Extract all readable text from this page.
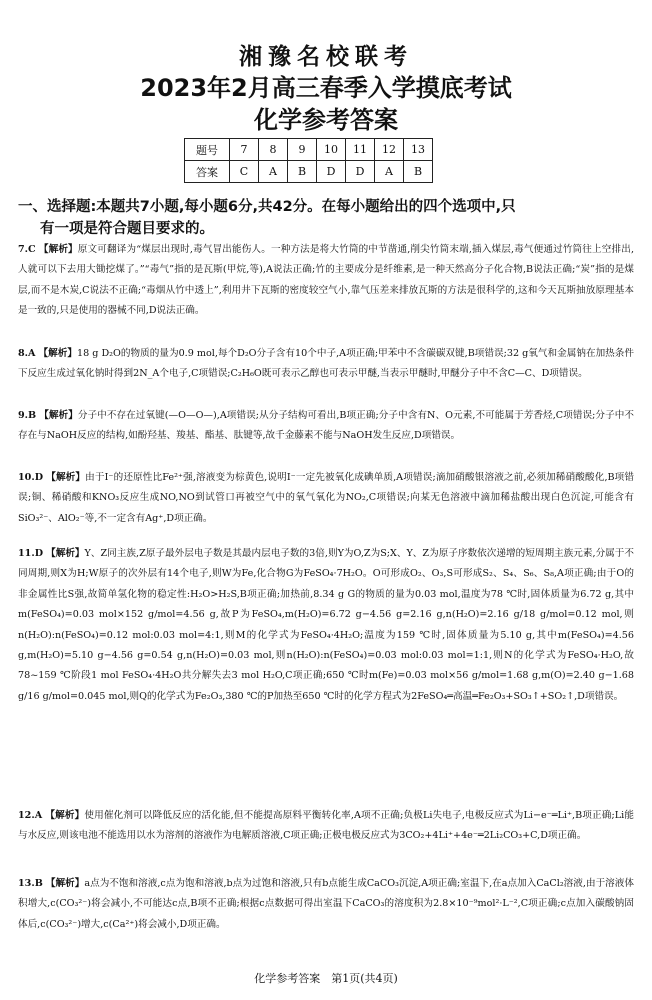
湘豫名校联考
2023年2月高三春季入学摸底考试
化学参考答案
题号	7	8	9	10	11	12	13
答案	C	A	B	D	D	A	B
一、选择题:本题共7小题,每小题6分,共42分。在每小题给出的四个选项中,只
有一项是符合题目要求的。
7.C 【解析】原文可翻译为“煤层出现时,毒气冒出能伤人。一种方法是将大竹筒的中节凿通,削尖竹筒末端,插入煤层,毒气便通过竹筒往上空排出,人就可以下去用大锄挖煤了。”“毒气”指的是瓦斯(甲烷,等),A说法正确;竹的主要成分是纤维素,是一种天然高分子化合物,B说法正确;“炭”指的是煤层,而不是木炭,C说法不正确;“毒烟从竹中透上”,利用井下瓦斯的密度较空气小,靠气压差来排放瓦斯的方法是很科学的,这和今天瓦斯抽放原理基本是一致的,只是使用的器械不同,D说法正确。
8.A 【解析】18 g D₂O的物质的量为0.9 mol,每个D₂O分子含有10个中子,A项正确;甲苯中不含碳碳双键,B项错误;32 g氧气和金属钠在加热条件下反应生成过氧化钠时得到2N_A个电子,C项错误;C₂H₆O既可表示乙醇也可表示甲醚,当表示甲醚时,甲醚分子中不含C—C、D项错误。
9.B 【解析】分子中不存在过氧键(—O—O—),A项错误;从分子结构可看出,B项正确;分子中含有N、O元素,不可能属于芳香烃,C项错误;分子中不存在与NaOH反应的结构,如酚羟基、羧基、酯基、肽键等,故千金藤素不能与NaOH发生反应,D项错误。
10.D 【解析】由于I⁻的还原性比Fe²⁺强,溶液变为棕黄色,说明I⁻一定先被氧化成碘单质,A项错误;滴加硝酸银溶液之前,必须加稀硝酸酸化,B项错误;铜、稀硝酸和KNO₃反应生成NO,NO到试管口再被空气中的氧气氧化为NO₂,C项错误;向某无色溶液中滴加稀盐酸出现白色沉淀,可能含有SiO₃²⁻、AlO₂⁻等,不一定含有Ag⁺,D项正确。
11.D 【解析】Y、Z同主族,Z原子最外层电子数是其最内层电子数的3倍,则Y为O,Z为S;X、Y、Z为原子序数依次递增的短周期主族元素,分属于不同周期,则X为H;W原子的次外层有14个电子,则W为Fe,化合物G为FeSO₄·7H₂O。O可形成O₂、O₃,S可形成S₂、S₄、S₆、S₈,A项正确;由于O的非金属性比S强,故简单氢化物的稳定性:H₂O>H₂S,B项正确;加热前,8.34 g G的物质的量为0.03 mol,温度为78 ℃时,固体质量为6.72 g,其中m(FeSO₄)=0.03 mol×152 g/mol=4.56 g,故P为FeSO₄,m(H₂O)=6.72 g−4.56 g=2.16 g,n(H₂O)=2.16 g/18 g/mol=0.12 mol,则n(H₂O):n(FeSO₄)=0.12 mol:0.03 mol=4:1,则M的化学式为FeSO₄·4H₂O;温度为159 ℃时,固体质量为5.10 g,其中m(FeSO₄)=4.56 g,m(H₂O)=5.10 g−4.56 g=0.54 g,n(H₂O)=0.03 mol,则n(H₂O):n(FeSO₄)=0.03 mol:0.03 mol=1:1,则N的化学式为FeSO₄·H₂O,故78~159 ℃阶段1 mol FeSO₄·4H₂O共分解失去3 mol H₂O,C项正确;650 ℃时m(Fe)=0.03 mol×56 g/mol=1.68 g,m(O)=2.40 g−1.68 g/16 g/mol=0.045 mol,则Q的化学式为Fe₂O₃,380 ℃的P加热至650 ℃时的化学方程式为2FeSO₄═高温═Fe₂O₃+SO₃↑+SO₂↑,D项错误。
12.A 【解析】使用催化剂可以降低反应的活化能,但不能提高原料平衡转化率,A项不正确;负极Li失电子,电极反应式为Li−e⁻═Li⁺,B项正确;Li能与水反应,则该电池不能选用以水为溶剂的溶液作为电解质溶液,C项正确;正极电极反应式为3CO₂+4Li⁺+4e⁻═2Li₂CO₃+C,D项正确。
13.B 【解析】a点为不饱和溶液,c点为饱和溶液,b点为过饱和溶液,只有b点能生成CaCO₃沉淀,A项正确;室温下,在a点加入CaCl₂溶液,由于溶液体积增大,c(CO₃²⁻)将会减小,不可能达c点,B项不正确;根据c点数据可得出室温下CaCO₃的溶度积为2.8×10⁻⁹mol²·L⁻²,C项正确;c点加入碳酸钠固体后,c(CO₃²⁻)增大,c(Ca²⁺)将会减小,D项正确。
化学参考答案　第1页(共4页)
